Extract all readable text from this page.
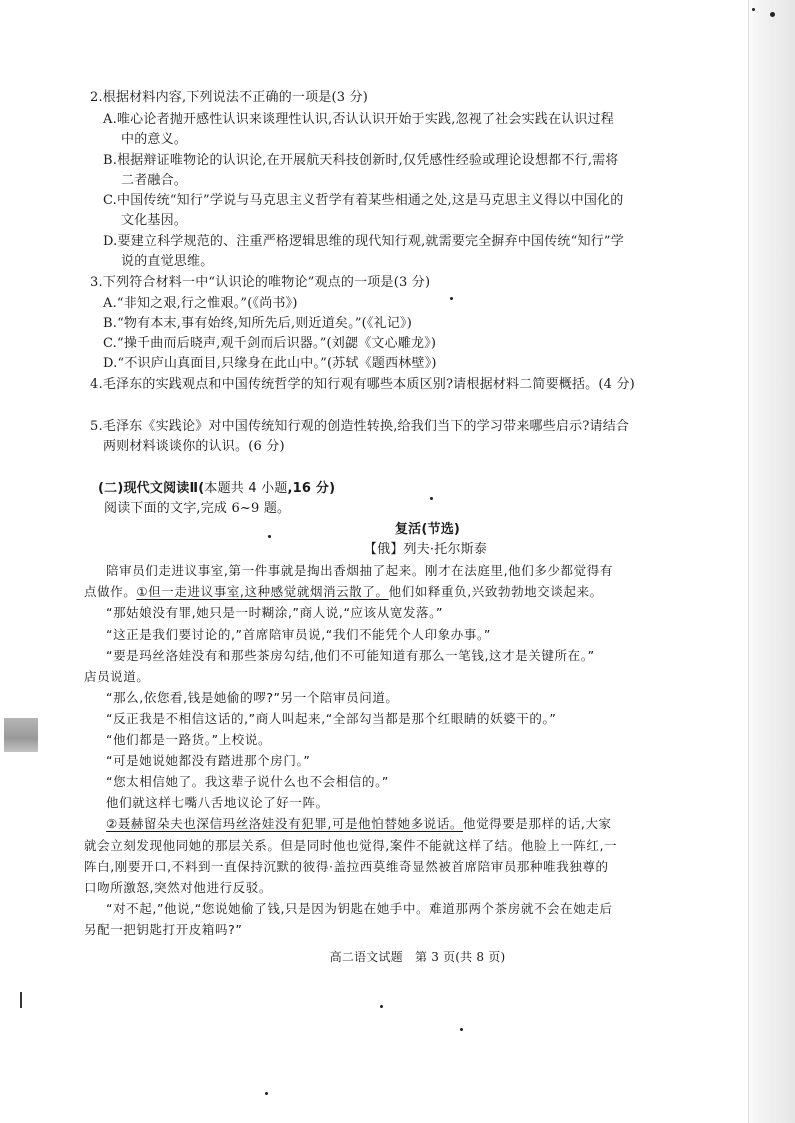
2.根据材料内容,下列说法不正确的一项是(3 分)
A.唯心论者抛开感性认识来谈理性认识,否认认识开始于实践,忽视了社会实践在认识过程
中的意义。
B.根据辩证唯物论的认识论,在开展航天科技创新时,仅凭感性经验或理论设想都不行,需将
二者融合。
C.中国传统“知行”学说与马克思主义哲学有着某些相通之处,这是马克思主义得以中国化的
文化基因。
D.要建立科学规范的、注重严格逻辑思维的现代知行观,就需要完全摒弃中国传统“知行”学
说的直觉思维。
3.下列符合材料一中“认识论的唯物论”观点的一项是(3 分)
A.“非知之艰,行之惟艰。”(《尚书》)
B.“物有本末,事有始终,知所先后,则近道矣。”(《礼记》)
C.“操千曲而后晓声,观千剑而后识器。”(刘勰《文心雕龙》)
D.“不识庐山真面目,只缘身在此山中。”(苏轼《题西林壁》)
4.毛泽东的实践观点和中国传统哲学的知行观有哪些本质区别?请根据材料二简要概括。(4 分)
5.毛泽东《实践论》对中国传统知行观的创造性转换,给我们当下的学习带来哪些启示?请结合
两则材料谈谈你的认识。(6 分)
(二)现代文阅读Ⅱ(本题共 4 小题,16 分)
阅读下面的文字,完成 6~9 题。
复活(节选)
【俄】列夫·托尔斯泰
陪审员们走进议事室,第一件事就是掏出香烟抽了起来。刚才在法庭里,他们多少都觉得有
点做作。①但一走进议事室,这种感觉就烟消云散了。他们如释重负,兴致勃勃地交谈起来。
“那姑娘没有罪,她只是一时糊涂,”商人说,“应该从宽发落。”
“这正是我们要讨论的,”首席陪审员说,“我们不能凭个人印象办事。”
“要是玛丝洛娃没有和那些茶房勾结,他们不可能知道有那么一笔钱,这才是关键所在。”
店员说道。
“那么,依您看,钱是她偷的啰?”另一个陪审员问道。
“反正我是不相信这话的,”商人叫起来,“全部勾当都是那个红眼睛的妖婆干的。”
“他们都是一路货。”上校说。
“可是她说她都没有踏进那个房门。”
“您太相信她了。我这辈子说什么也不会相信的。”
他们就这样七嘴八舌地议论了好一阵。
②聂赫留朵夫也深信玛丝洛娃没有犯罪,可是他怕替她多说话。他觉得要是那样的话,大家
就会立刻发现他同她的那层关系。但是同时他也觉得,案件不能就这样了结。他脸上一阵红,一
阵白,刚要开口,不料到一直保持沉默的彼得·盖拉西莫维奇显然被首席陪审员那种唯我独尊的
口吻所激怒,突然对他进行反驳。
“对不起,”他说,“您说她偷了钱,只是因为钥匙在她手中。难道那两个茶房就不会在她走后
另配一把钥匙打开皮箱吗?”
高二语文试题　第 3 页(共 8 页)
